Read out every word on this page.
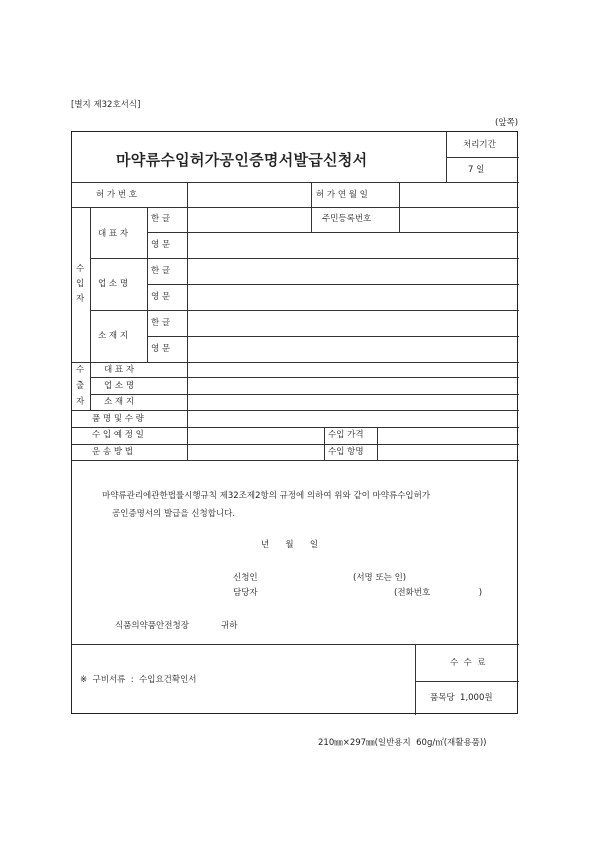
[별지 제32호서식]
(앞쪽)
마약류수입허가공인증명서발급신청서
처리기간
7 일
허 가 번 호	허 가 연 월 일
수
입
자
대 표 자
한 글	주민등록번호
영 문
업 소 명
한 글
영 문
소 재 지
한 글
영 문
수
출
자
대 표 자
업 소 명
소 재 지
품 명 및 수 량
수 입 예 정 일	수입 가격
운 송 방 법	수입 항명
마약류관리에관한법률시행규칙 제32조제2항의 규정에 의하여 위와 같이 마약류수입허가
공인증명서의 발급을 신청합니다.
년      월      일
신청인	(서명 또는 인)
담당자	(전화번호                  )
식품의약품안전청장	귀하
※  구비서류  :  수입요건확인서
수  수  료
품목당  1,000원
210㎜×297㎜(일반용지  60g/㎡(재활용품))
